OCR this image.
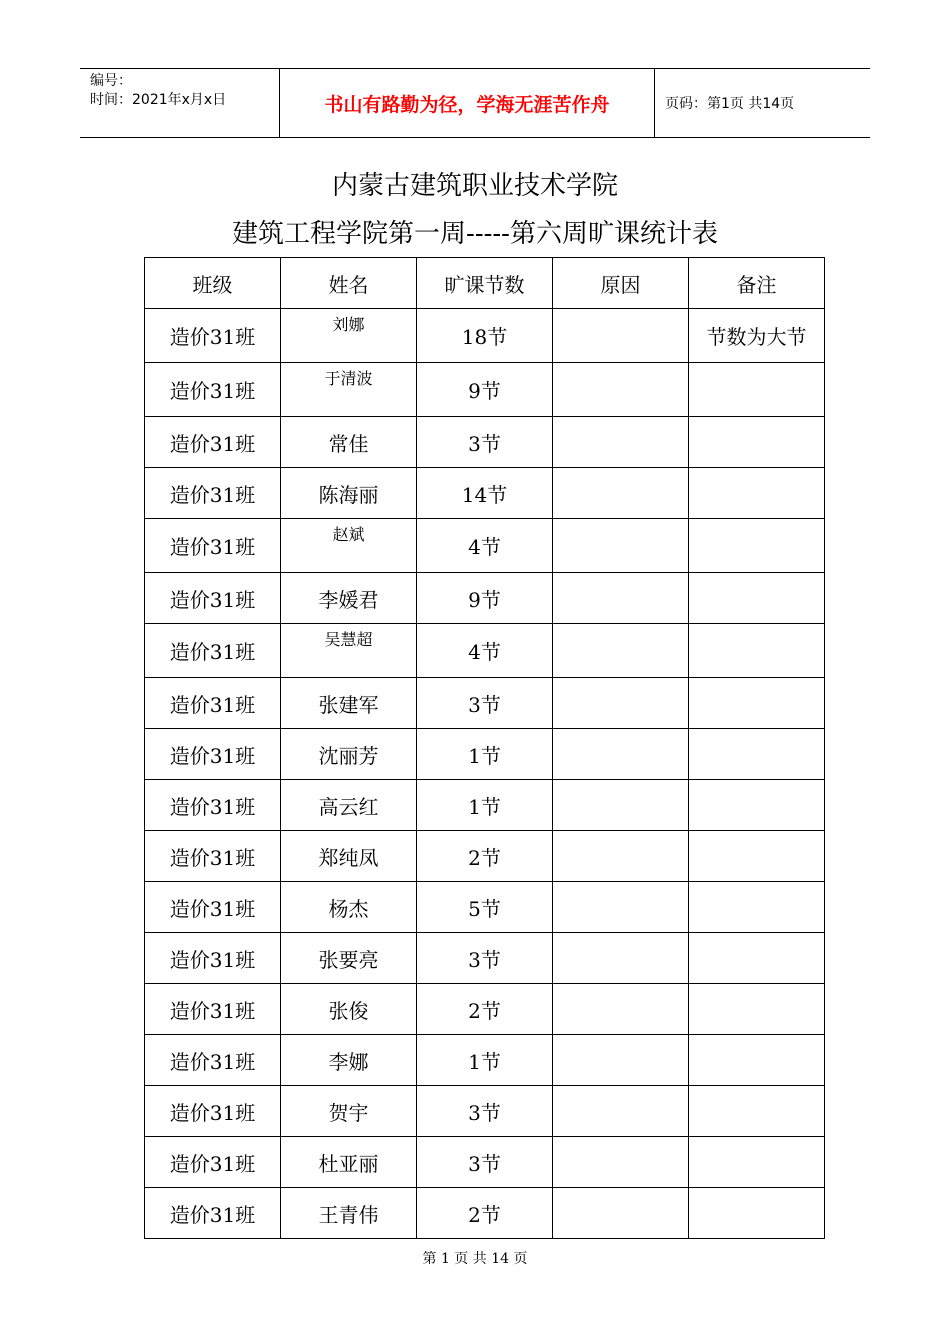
编号：
时间：2021年x月x日	书山有路勤为径，学海无涯苦作舟	页码：第1页 共14页
内蒙古建筑职业技术学院
建筑工程学院第一周-----第六周旷课统计表
班级	姓名	旷课节数	原因	备注
造价31班	刘娜	18节		节数为大节
造价31班	于清波	9节		
造价31班	常佳	3节		
造价31班	陈海丽	14节		
造价31班	赵斌	4节		
造价31班	李媛君	9节		
造价31班	吴慧超	4节		
造价31班	张建军	3节		
造价31班	沈丽芳	1节		
造价31班	高云红	1节		
造价31班	郑纯凤	2节		
造价31班	杨杰	5节		
造价31班	张要亮	3节		
造价31班	张俊	2节		
造价31班	李娜	1节		
造价31班	贺宇	3节		
造价31班	杜亚丽	3节		
造价31班	王青伟	2节		
第 1 页 共 14 页
